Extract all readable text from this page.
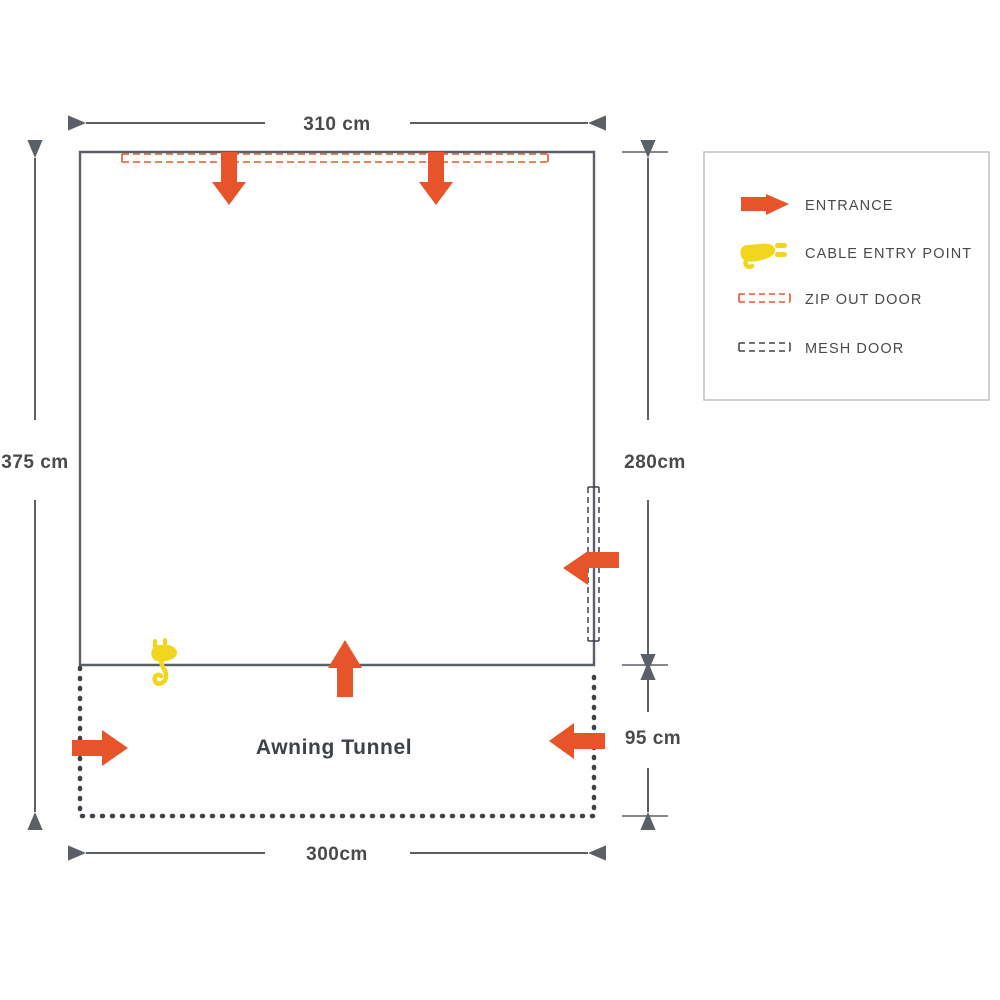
310 cm
375 cm	280cm
95 cm
300cm
Awning Tunnel
ENTRANCE
CABLE ENTRY POINT
ZIP OUT DOOR
MESH DOOR
